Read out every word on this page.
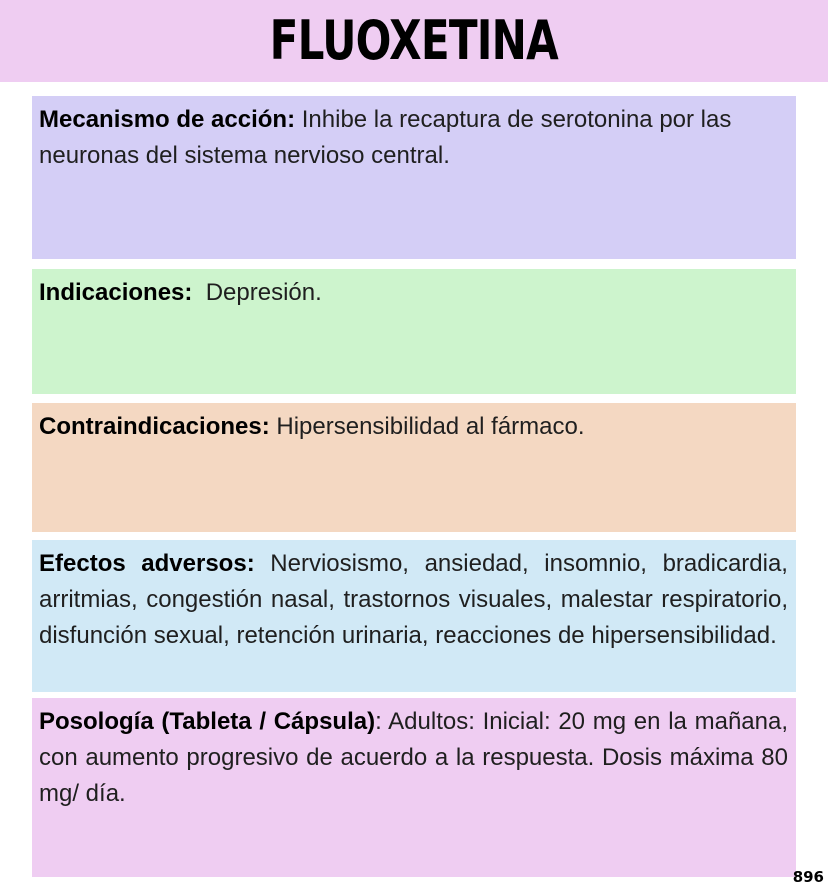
FLUOXETINA

Mecanismo de acción: Inhibe la recaptura de serotonina por las neuronas del sistema nervioso central.

Indicaciones:  Depresión.

Contraindicaciones: Hipersensibilidad al fármaco.

Efectos adversos: Nerviosismo, ansiedad, insomnio, bradicardia, arritmias, congestión nasal, trastornos visuales, malestar respiratorio, disfunción sexual, retención urinaria, reacciones de hipersensibilidad.

Posología (Tableta / Cápsula): Adultos: Inicial: 20 mg en la mañana, con aumento progresivo de acuerdo a la respuesta. Dosis máxima 80 mg/ día.

896
